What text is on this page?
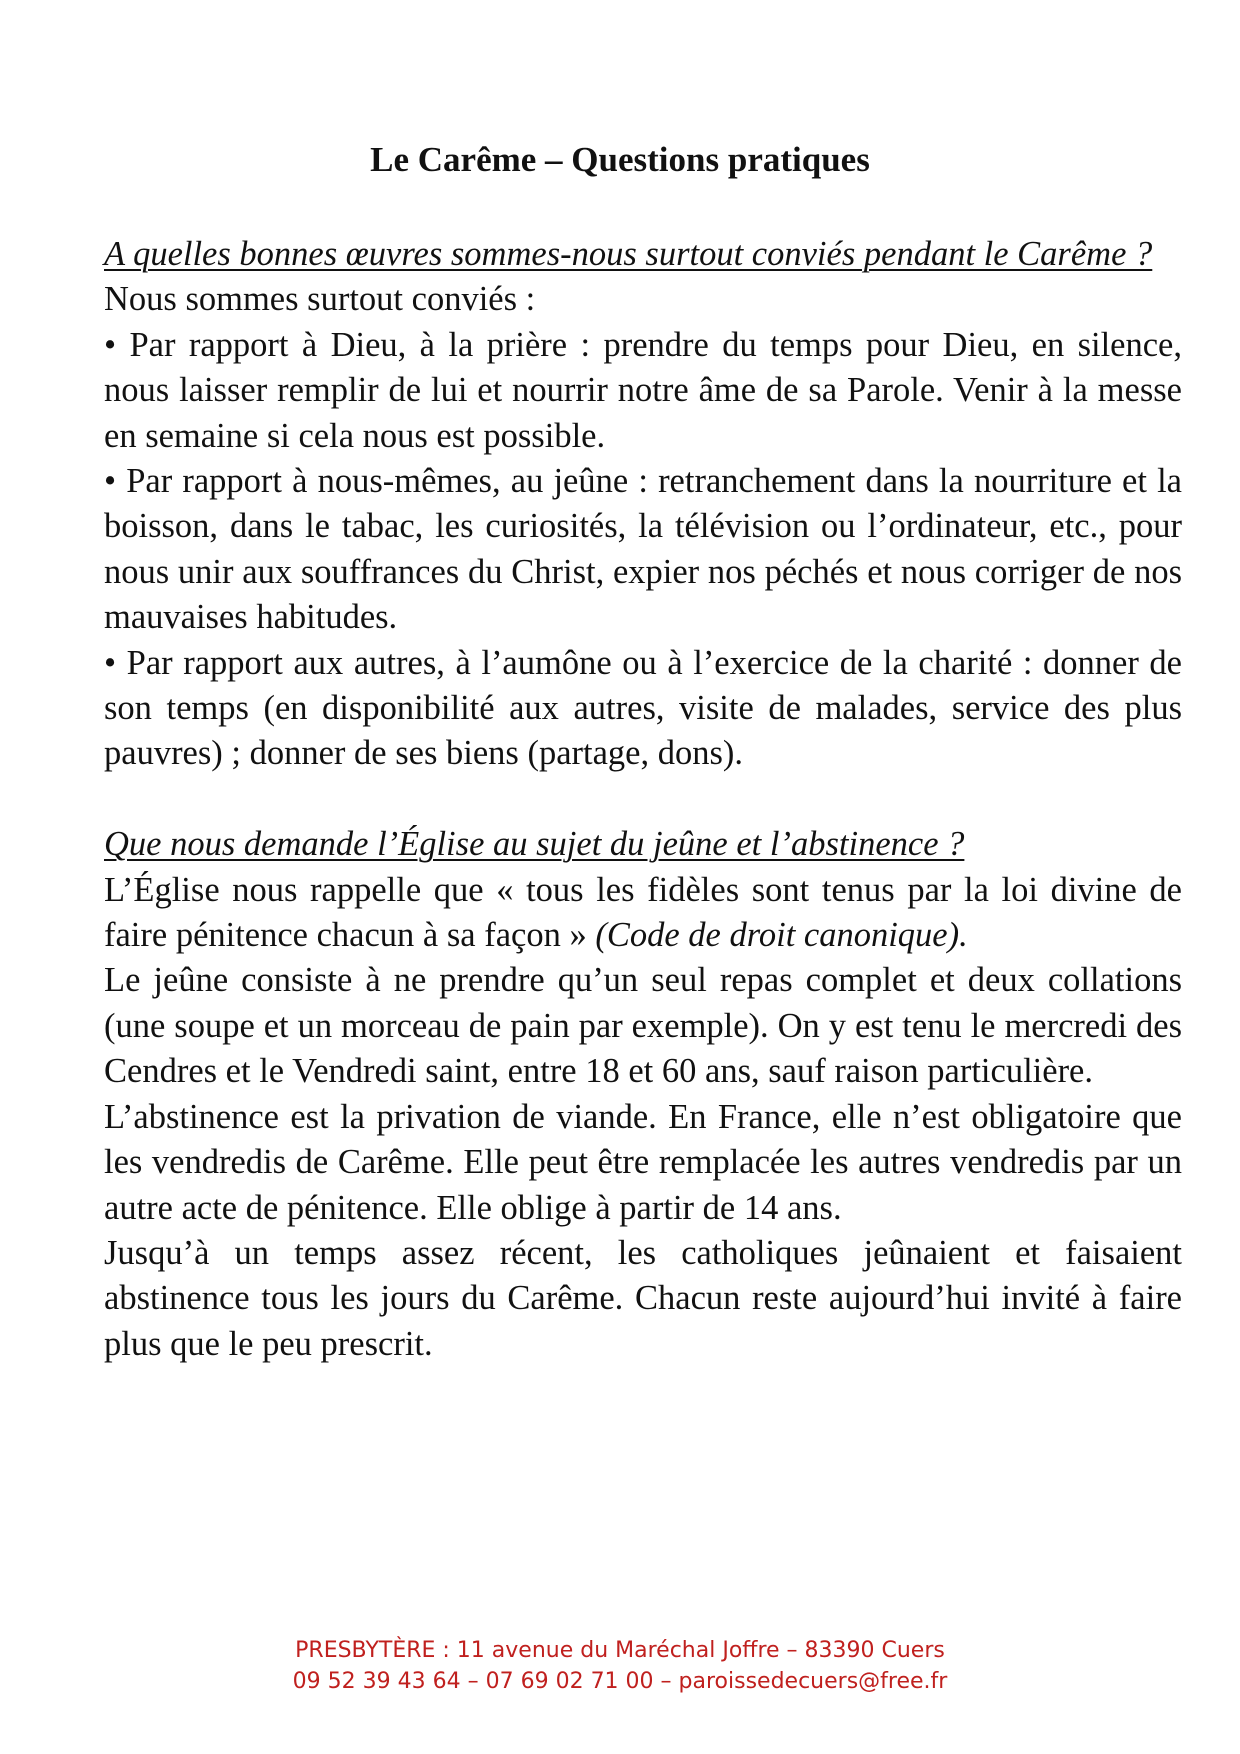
Le Carême – Questions pratiques

A quelles bonnes œuvres sommes-nous surtout conviés pendant le Carême ?

Nous sommes surtout conviés :

• Par rapport à Dieu, à la prière : prendre du temps pour Dieu, en silence, nous laisser remplir de lui et nourrir notre âme de sa Parole. Venir à la messe en semaine si cela nous est possible.

• Par rapport à nous-mêmes, au jeûne : retranchement dans la nourriture et la boisson, dans le tabac, les curiosités, la télévision ou l’ordinateur, etc., pour nous unir aux souffrances du Christ, expier nos péchés et nous corriger de nos mauvaises habitudes.

• Par rapport aux autres, à l’aumône ou à l’exercice de la charité : donner de son temps (en disponibilité aux autres, visite de malades, service des plus pauvres) ; donner de ses biens (partage, dons).

Que nous demande l’Église au sujet du jeûne et l’abstinence ?

L’Église nous rappelle que « tous les fidèles sont tenus par la loi divine de faire pénitence chacun à sa façon » (Code de droit canonique).

Le jeûne consiste à ne prendre qu’un seul repas complet et deux collations (une soupe et un morceau de pain par exemple). On y est tenu le mercredi des Cendres et le Vendredi saint, entre 18 et 60 ans, sauf raison particulière.

L’abstinence est la privation de viande. En France, elle n’est obligatoire que les vendredis de Carême. Elle peut être remplacée les autres vendredis par un autre acte de pénitence. Elle oblige à partir de 14 ans.

Jusqu’à un temps assez récent, les catholiques jeûnaient et faisaient abstinence tous les jours du Carême. Chacun reste aujourd’hui invité à faire plus que le peu prescrit.

PRESBYTÈRE : 11 avenue du Maréchal Joffre – 83390 Cuers
09 52 39 43 64 – 07 69 02 71 00 – paroissedecuers@free.fr
